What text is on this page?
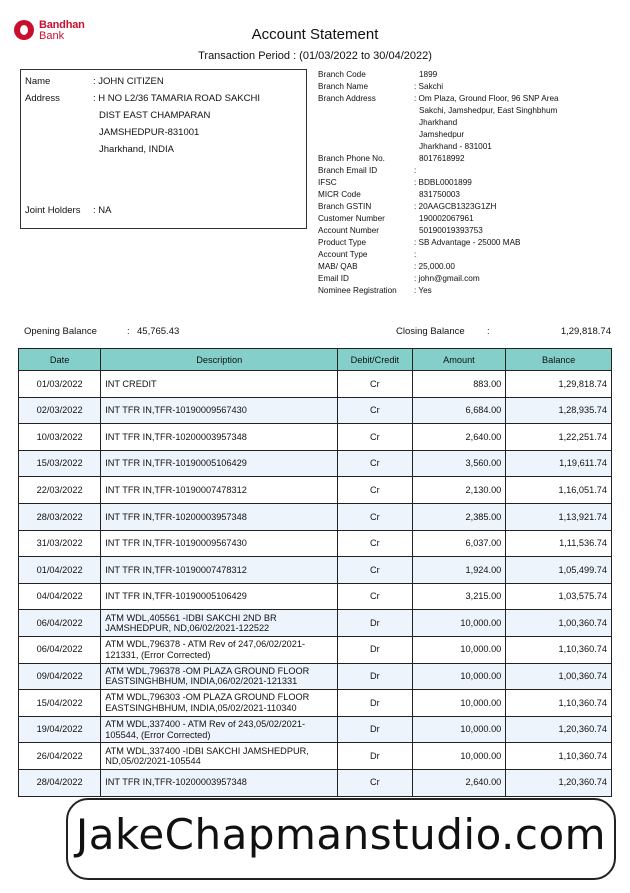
Bandhan
Bank	Account Statement
Transaction Period : (01/03/2022 to 30/04/2022)
Name	: JOHN CITIZEN
Address	: H NO L2/36 TAMARIA ROAD SAKCHI
DIST EAST CHAMPARAN
JAMSHEDPUR-831001
Jharkhand, INDIA
Joint Holders	: NA
Branch Code	1899
Branch Name	: Sakchi
Branch Address	: Om Plaza, Ground Floor, 96 SNP Area
Sakchi, Jamshedpur, East Singhbhum
Jharkhand
Jamshedpur
Jharkhand - 831001
Branch Phone No.	8017618992
Branch Email ID	:
IFSC	: BDBL0001899
MICR Code	831750003
Branch GSTIN	: 20AAGCB1323G1ZH
Customer Number	190002067961
Account Number	50190019393753
Product Type	: SB Advantage - 25000 MAB
Account Type	:
MAB/ QAB	: 25,000.00
Email ID	: john@gmail.com
Nominee Registration : Yes
Opening Balance	: 45,765.43	Closing Balance :	1,29,818.74
Date	Description	Debit/Credit	Amount	Balance
01/03/2022	INT CREDIT	Cr	883.00	1,29,818.74
02/03/2022	INT TFR IN,TFR-10190009567430	Cr	6,684.00	1,28,935.74
10/03/2022	INT TFR IN,TFR-10200003957348	Cr	2,640.00	1,22,251.74
15/03/2022	INT TFR IN,TFR-10190005106429	Cr	3,560.00	1,19,611.74
22/03/2022	INT TFR IN,TFR-10190007478312	Cr	2,130.00	1,16,051.74
28/03/2022	INT TFR IN,TFR-10200003957348	Cr	2,385.00	1,13,921.74
31/03/2022	INT TFR IN,TFR-10190009567430	Cr	6,037.00	1,11,536.74
01/04/2022	INT TFR IN,TFR-10190007478312	Cr	1,924.00	1,05,499.74
04/04/2022	INT TFR IN,TFR-10190005106429	Cr	3,215.00	1,03,575.74
06/04/2022	ATM WDL,405561 -IDBI SAKCHI 2ND BR JAMSHEDPUR, ND,06/02/2021-122522	Dr	10,000.00	1,00,360.74
06/04/2022	ATM WDL,796378 - ATM Rev of 247,06/02/2021-121331, (Error Corrected)	Dr	10,000.00	1,10,360.74
09/04/2022	ATM WDL,796378 -OM PLAZA GROUND FLOOR EASTSINGHBHUM, INDIA,06/02/2021-121331	Dr	10,000.00	1,00,360.74
15/04/2022	ATM WDL,796303 -OM PLAZA GROUND FLOOR EASTSINGHBHUM, INDIA,05/02/2021-110340	Dr	10,000.00	1,10,360.74
19/04/2022	ATM WDL,337400 - ATM Rev of 243,05/02/2021-105544, (Error Corrected)	Dr	10,000.00	1,20,360.74
26/04/2022	ATM WDL,337400 -IDBI SAKCHI JAMSHEDPUR, ND,05/02/2021-105544	Dr	10,000.00	1,10,360.74
28/04/2022	INT TFR IN,TFR-10200003957348	Cr	2,640.00	1,20,360.74
JakeChapmanstudio.com
